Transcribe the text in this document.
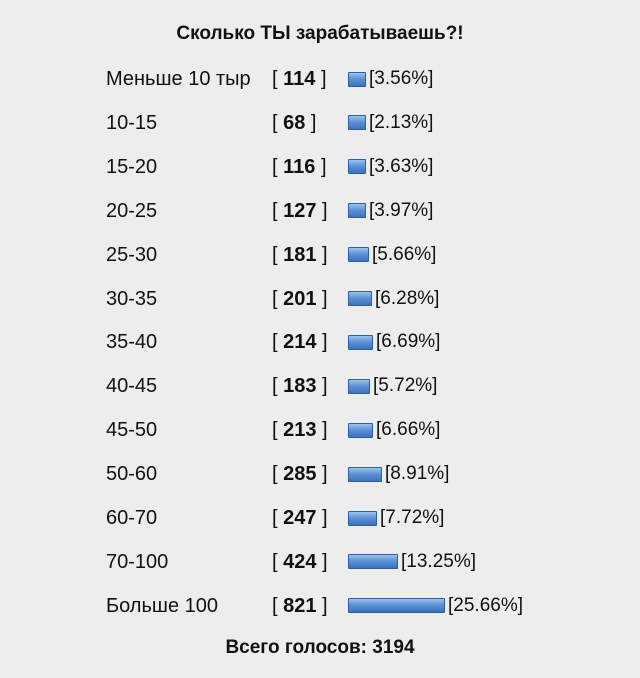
Сколько ТЫ зарабатываешь?!
Меньше 10 тыр [ 114 ] [3.56%]
10-15	[ 68 ]	[2.13%]
15-20	[ 116 ] [3.63%]
20-25	[ 127 ] [3.97%]
25-30	[ 181 ] [5.66%]
30-35	[ 201 ] [6.28%]
35-40	[ 214 ]	[6.69%]
40-45	[ 183 ] [5.72%]
45-50	[ 213 ]	[6.66%]
50-60	[ 285 ]	[8.91%]
60-70	[ 247 ]	[7.72%]
70-100	[ 424 ]	[13.25%]
Больше 100	[ 821 ]	[25.66%]
Всего голосов: 3194
